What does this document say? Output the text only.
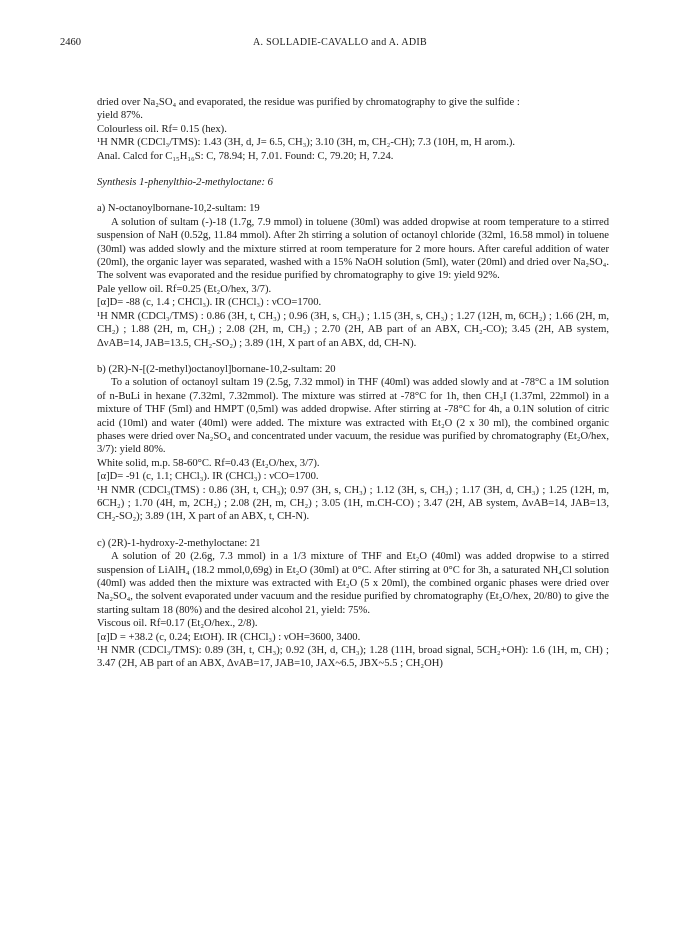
2460	A. SOLLADIE-CAVALLO and A. ADIB

dried over Na₂SO₄ and evaporated, the residue was purified by chromatography to give the sulfide :

yield 87%.

Colourless oil. Rf= 0.15 (hex).

¹H NMR (CDCl₃/TMS): 1.43 (3H, d, J= 6.5, CH₃); 3.10 (3H, m, CH₂-CH); 7.3 (10H, m, H arom.).

Anal. Calcd for C₁₅H₁₆S: C, 78.94; H, 7.01. Found: C, 79.20; H, 7.24.

Synthesis 1-phenylthio-2-methyloctane: 6

a) N-octanoylbornane-10,2-sultam: 19

A solution of sultam (-)-18 (1.7g, 7.9 mmol) in toluene (30ml) was added dropwise at room temperature to a stirred suspension of NaH (0.52g, 11.84 mmol). After 2h stirring a solution of octanoyl chloride (32ml, 16.58 mmol) in toluene (30ml) was added slowly and the mixture stirred at room temperature for 2 more hours. After careful addition of water (20ml), the organic layer was separated, washed with a 15% NaOH solution (5ml), water (20ml) and dried over Na₂SO₄. The solvent was evaporated and the residue purified by chromatography to give 19: yield 92%.

Pale yellow oil. Rf=0.25 (Et₂O/hex, 3/7).

[α]D= -88 (c, 1.4 ; CHCl₃). IR (CHCl₃) : νCO=1700.

¹H NMR (CDCl₃/TMS) : 0.86 (3H, t, CH₃) ; 0.96 (3H, s, CH₃) ; 1.15 (3H, s, CH₃) ; 1.27 (12H, m, 6CH₂) ; 1.66 (2H, m, CH₂) ; 1.88 (2H, m, CH₂) ; 2.08 (2H, m, CH₂) ; 2.70 (2H, AB part of an ABX, CH₂-CO); 3.45 (2H, AB system, ΔνAB=14, JAB=13.5, CH₂-SO₂) ; 3.89 (1H, X part of an ABX, dd, CH-N).

b) (2R)-N-[(2-methyl)octanoyl]bornane-10,2-sultam: 20

To a solution of octanoyl sultam 19 (2.5g, 7.32 mmol) in THF (40ml) was added slowly and at -78°C a 1M solution of n-BuLi in hexane (7.32ml, 7.32mmol). The mixture was stirred at -78°C for 1h, then CH₃I (1.37ml, 22mmol) in a mixture of THF (5ml) and HMPT (0,5ml) was added dropwise. After stirring at -78°C for 4h, a 0.1N solution of citric acid (10ml) and water (40ml) were added. The mixture was extracted with Et₂O (2 x 30 ml), the combined organic phases were dried over Na₂SO₄ and concentrated under vacuum, the residue was purified by chromatography (Et₂O/hex, 3/7): yield 80%.

White solid, m.p. 58-60°C. Rf=0.43 (Et₂O/hex, 3/7).

[α]D= -91 (c, 1.1; CHCl₃). IR (CHCl₃) : νCO=1700.

¹H NMR (CDCl₃(TMS) : 0.86 (3H, t, CH₃); 0.97 (3H, s, CH₃) ; 1.12 (3H, s, CH₃) ; 1.17 (3H, d, CH₃) ; 1.25 (12H, m, 6CH₂) ; 1.70 (4H, m, 2CH₂) ; 2.08 (2H, m, CH₂) ; 3.05 (1H, m.CH-CO) ; 3.47 (2H, AB system, ΔνAB=14, JAB=13, CH₂-SO₂); 3.89 (1H, X part of an ABX, t, CH-N).

c) (2R)-1-hydroxy-2-methyloctane: 21

A solution of 20 (2.6g, 7.3 mmol) in a 1/3 mixture of THF and Et₂O (40ml) was added dropwise to a stirred suspension of LiAlH₄ (18.2 mmol,0,69g) in Et₂O (30ml) at 0°C. After stirring at 0°C for 3h, a saturated NH₄Cl solution (40ml) was added then the mixture was extracted with Et₂O (5 x 20ml), the combined organic phases were dried over Na₂SO₄, the solvent evaporated under vacuum and the residue purified by chromatography (Et₂O/hex, 20/80) to give the starting sultam 18 (80%) and the desired alcohol 21, yield: 75%.

Viscous oil. Rf=0.17 (Et₂O/hex., 2/8).

[α]D = +38.2 (c, 0.24; EtOH). IR (CHCl₃) : νOH=3600, 3400.

¹H NMR (CDCl₃/TMS): 0.89 (3H, t, CH₃); 0.92 (3H, d, CH₃); 1.28 (11H, broad signal, 5CH₂+OH): 1.6 (1H, m, CH) ; 3.47 (2H, AB part of an ABX, ΔνAB=17, JAB=10, JAX~6.5, JBX~5.5 ; CH₂OH)
